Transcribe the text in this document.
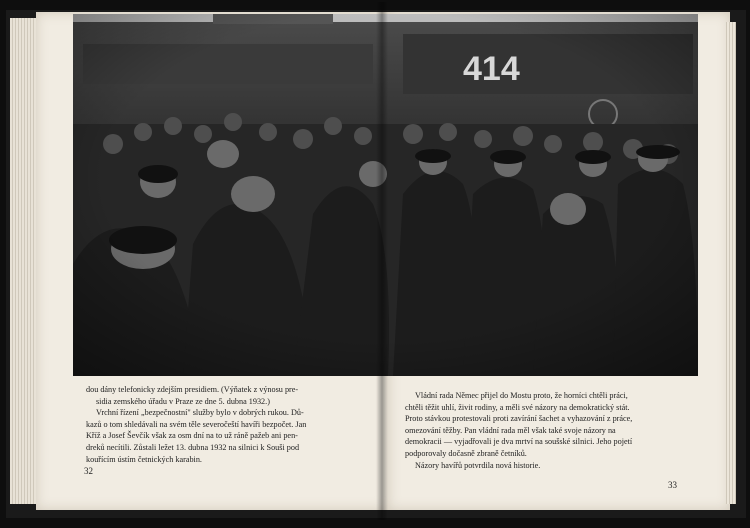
dou dány telefonicky zdejším presidiem. (Výňatek z výnosu pre-

sidia zemského úřadu v Praze ze dne 5. dubna 1932.)

Vrchní řízení „bezpečnostní" služby bylo v dobrých rukou. Dů-

kazů o tom shledávali na svém těle severočeští havíři bezpočet. Jan

Kříž a Josef Ševčík však za osm dní na to už ráně pažeb ani pen-

dreků necítili. Zůstali ležet 13. dubna 1932 na silnici k Souši pod

kouřícím ústím četnických karabin.

32

Vládní rada Němec přijel do Mostu proto, že horníci chtěli práci,

chtěli těžit uhlí, živit rodiny, a měli své názory na demokratický stát.

Proto stávkou protestovali proti zavírání šachet a vyhazování z práce,

omezování těžby. Pan vládní rada měl však také svoje názory na

demokracii — vyjadřovali je dva mrtví na soušské silnici. Jeho pojetí

podporovaly dočasně zbraně četníků.

Názory havířů potvrdila nová historie.

33
